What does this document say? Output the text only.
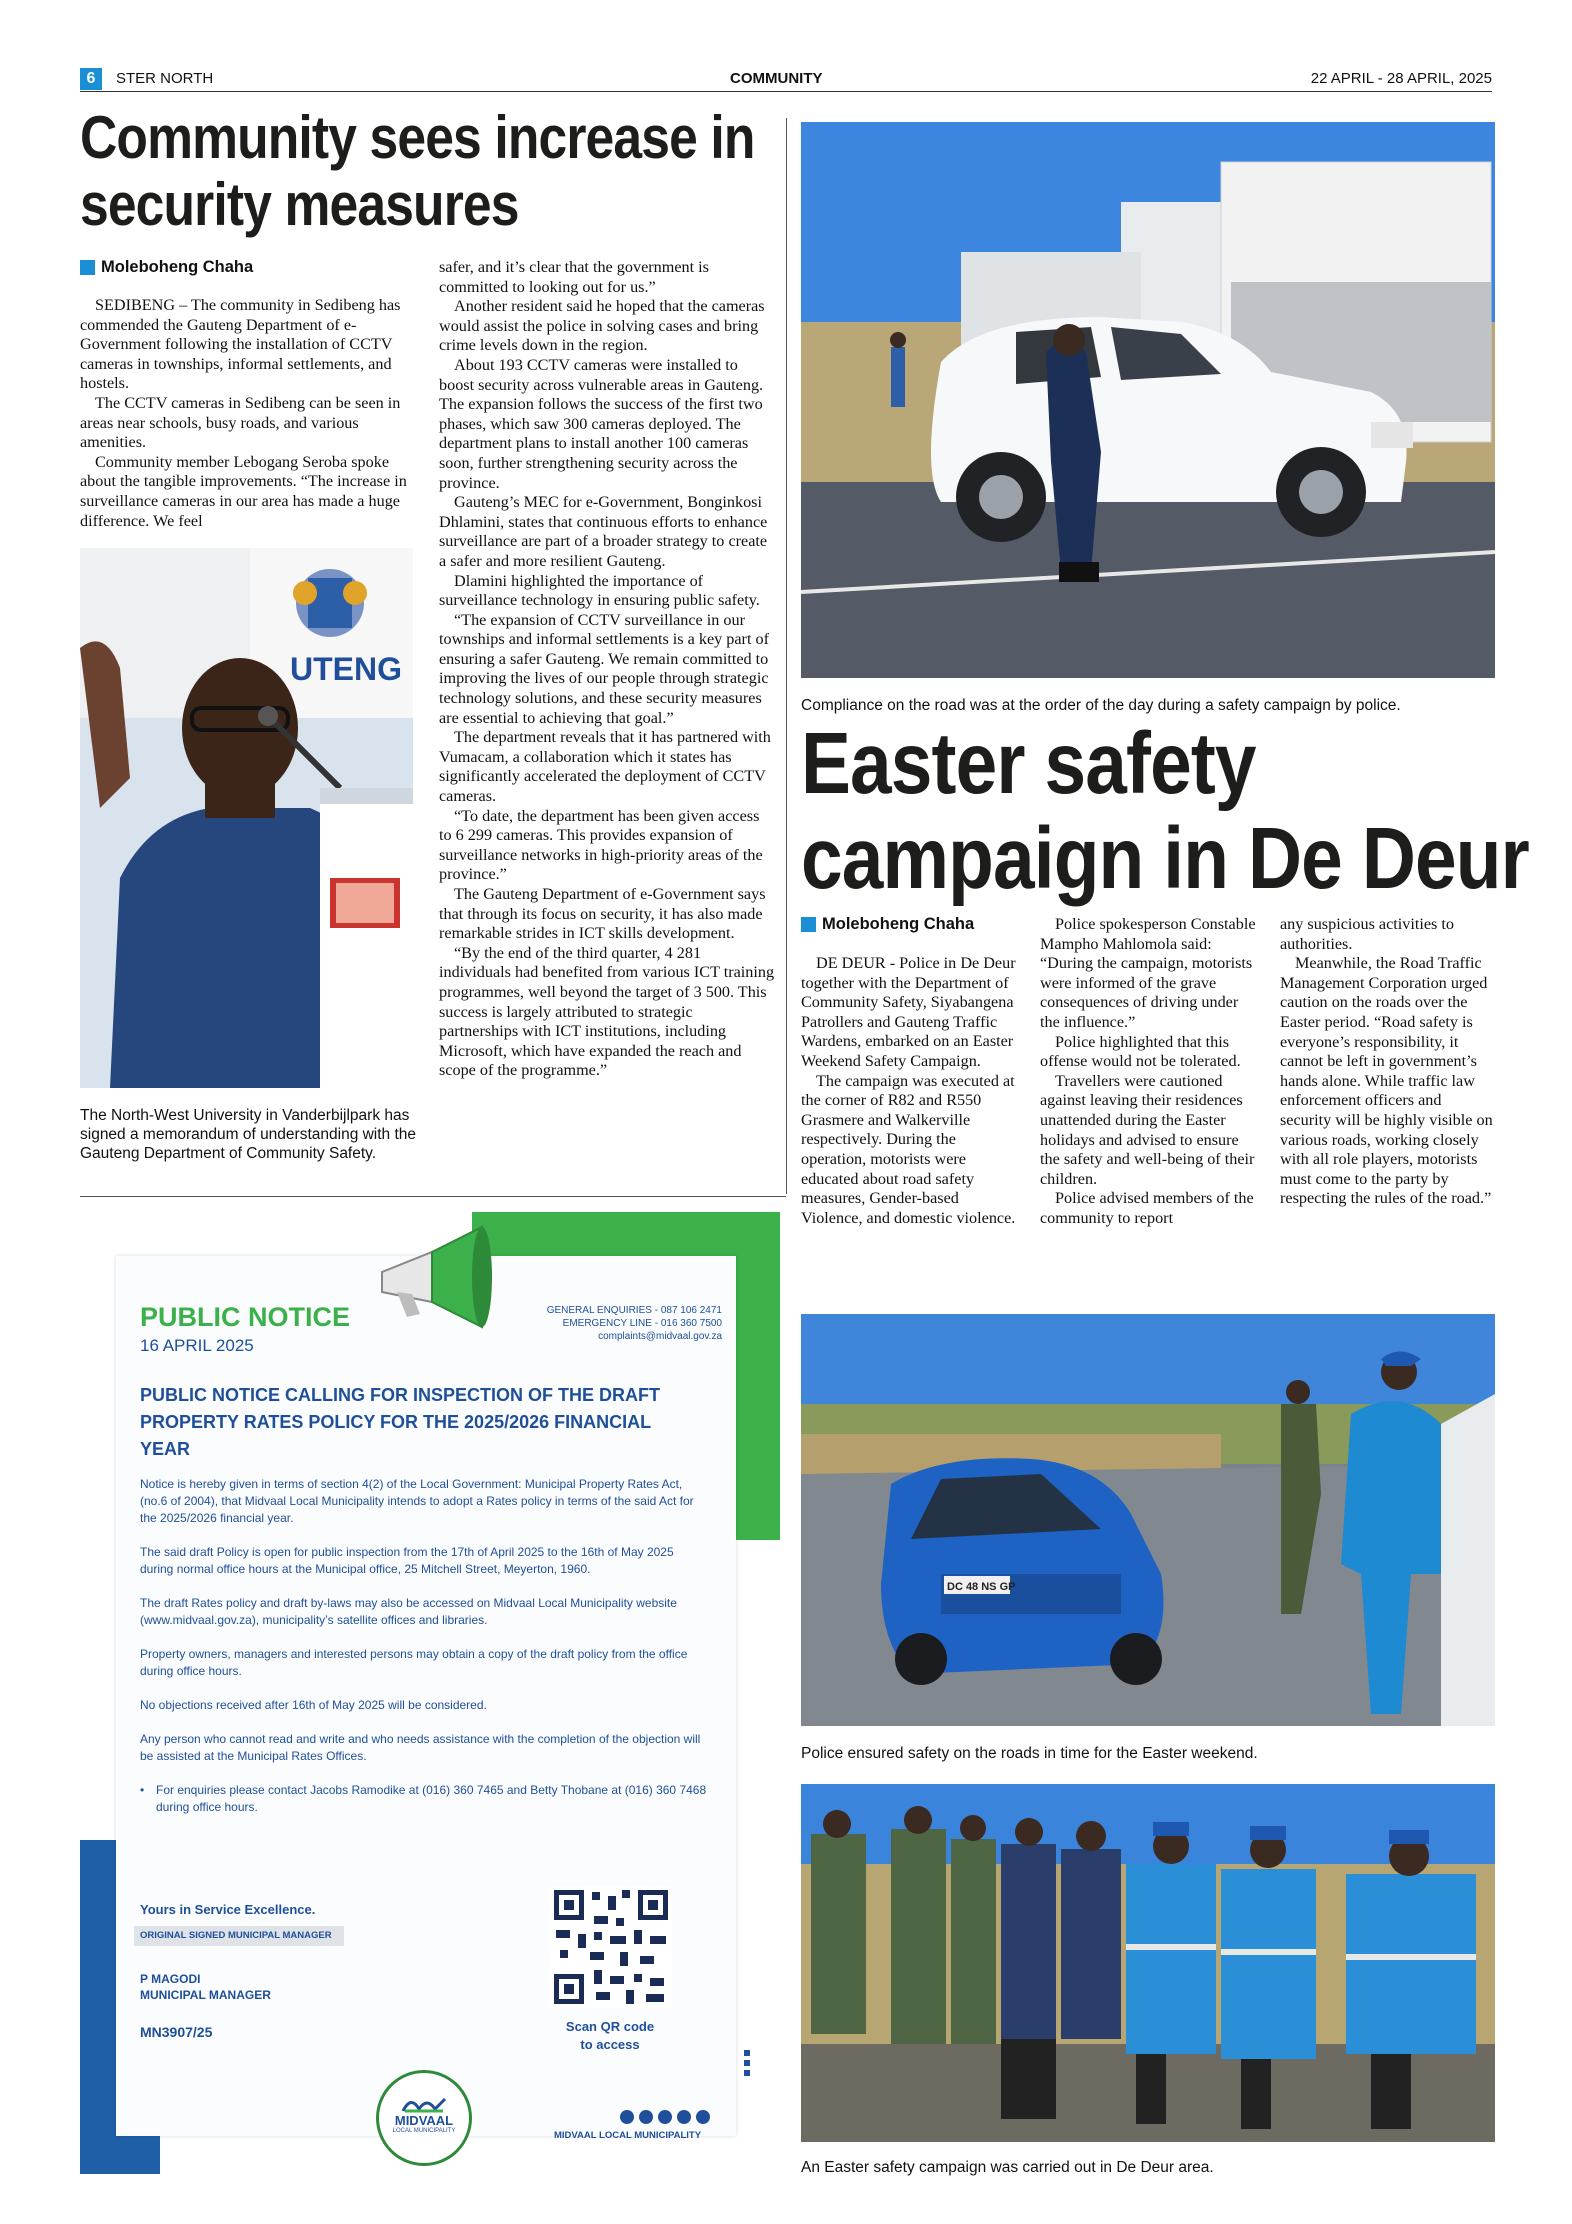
6	STER NORTH	COMMUNITY	22 APRIL - 28 APRIL, 2025
Community sees increase in
security measures
Moleboheng Chaha

SEDIBENG – The community in Sedibeng has commended the Gauteng Department of e-Government following the installation of CCTV cameras in townships, informal settlements, and hostels.

The CCTV cameras in Sedibeng can be seen in areas near schools, busy roads, and various amenities.

Community member Lebogang Seroba spoke about the tangible improvements. “The increase in surveillance cameras in our area has made a huge difference. We feel

UTENG
The North-West University in Vanderbijlpark has signed a memorandum of understanding with the Gauteng Department of Community Safety.

safer, and it’s clear that the government is committed to looking out for us.”

Another resident said he hoped that the cameras would assist the police in solving cases and bring crime levels down in the region.

About 193 CCTV cameras were installed to boost security across vulnerable areas in Gauteng. The expansion follows the success of the first two phases, which saw 300 cameras deployed. The department plans to install another 100 cameras soon, further strengthening security across the province.

Gauteng’s MEC for e-Government, Bonginkosi Dhlamini, states that continuous efforts to enhance surveillance are part of a broader strategy to create a safer and more resilient Gauteng.

Dlamini highlighted the importance of surveillance technology in ensuring public safety.

“The expansion of CCTV surveillance in our townships and informal settlements is a key part of ensuring a safer Gauteng. We remain committed to improving the lives of our people through strategic technology solutions, and these security measures are essential to achieving that goal.”

The department reveals that it has partnered with Vumacam, a collaboration which it states has significantly accelerated the deployment of CCTV cameras.

“To date, the department has been given access to 6 299 cameras. This provides expansion of surveillance networks in high-priority areas of the province.”

The Gauteng Department of e-Government says that through its focus on security, it has also made remarkable strides in ICT skills development.

“By the end of the third quarter, 4 281 individuals had benefited from various ICT training programmes, well beyond the target of 3 500. This success is largely attributed to strategic partnerships with ICT institutions, including Microsoft, which have expanded the reach and scope of the programme.”

Compliance on the road was at the order of the day during a safety campaign by police.
Easter safety
campaign in De Deur
Moleboheng Chaha

DE DEUR - Police in De Deur together with the Department of Community Safety, Siyabangena Patrollers and Gauteng Traffic Wardens, embarked on an Easter Weekend Safety Campaign.

The campaign was executed at the corner of R82 and R550 Grasmere and Walkerville respectively. During the operation, motorists were educated about road safety measures, Gender-based Violence, and domestic violence.

Police spokesperson Constable Mampho Mahlomola said: “During the campaign, motorists were informed of the grave consequences of driving under the influence.”

Police highlighted that this offense would not be tolerated.

Travellers were cautioned against leaving their residences unattended during the Easter holidays and advised to ensure the safety and well-being of their children.

Police advised members of the community to report

any suspicious activities to authorities.

Meanwhile, the Road Traffic Management Corporation urged caution on the roads over the Easter period. “Road safety is everyone’s responsibility, it cannot be left in government’s hands alone. While traffic law enforcement officers and security will be highly visible on various roads, working closely with all role players, motorists must come to the party by respecting the rules of the road.”

DC 48 NS GP
Police ensured safety on the roads in time for the Easter weekend.
An Easter safety campaign was carried out in De Deur area.
PUBLIC NOTICE
16 APRIL 2025
GENERAL ENQUIRIES - 087 106 2471
EMERGENCY LINE - 016 360 7500
complaints@midvaal.gov.za
PUBLIC NOTICE CALLING FOR INSPECTION OF THE DRAFT PROPERTY RATES POLICY FOR THE 2025/2026 FINANCIAL YEAR

Notice is hereby given in terms of section 4(2) of the Local Government: Municipal Property Rates Act, (no.6 of 2004), that Midvaal Local Municipality intends to adopt a Rates policy in terms of the said Act for the 2025/2026 financial year.

The said draft Policy is open for public inspection from the 17th of April 2025 to the 16th of May 2025 during normal office hours at the Municipal office, 25 Mitchell Street, Meyerton, 1960.

The draft Rates policy and draft by-laws may also be accessed on Midvaal Local Municipality website (www.midvaal.gov.za), municipality’s satellite offices and libraries.

Property owners, managers and interested persons may obtain a copy of the draft policy from the office during office hours.

No objections received after 16th of May 2025 will be considered.

Any person who cannot read and write and who needs assistance with the completion of the objection will be assisted at the Municipal Rates Offices.

• For enquiries please contact Jacobs Ramodike at (016) 360 7465 and Betty Thobane at (016) 360 7468 during office hours.

Yours in Service Excellence.
ORIGINAL SIGNED MUNICIPAL MANAGER
P MAGODI
MUNICIPAL MANAGER
MN3907/25	Scan QR code
to access
MIDVAAL
LOCAL MUNICIPALITY	MIDVAAL LOCAL MUNICIPALITY
